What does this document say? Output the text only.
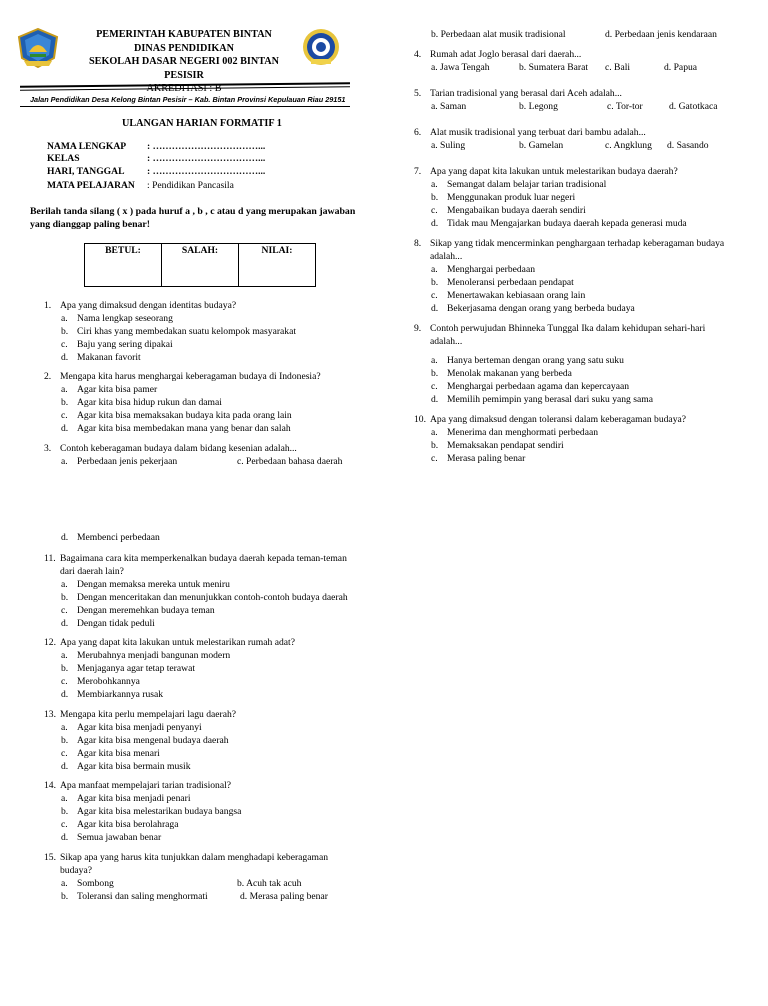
PEMERINTAH KABUPATEN BINTAN
DINAS PENDIDIKAN
SEKOLAH DASAR NEGERI 002 BINTAN PESISIR
Jalan Pendidikan Desa Kelong Bintan Pesisir – Kab. Bintan Provinsi Kepulauan Riau 29151
ULANGAN HARIAN FORMATIF 1
NAMA LENGKAP	: ……………………………...
KELAS	: ……………………………...
HARI, TANGGAL	: ……………………………...
MATA PELAJARAN	: Pendidikan Pancasila
Berilah tanda silang ( x ) pada huruf a , b , c atau d yang merupakan jawaban
yang dianggap paling benar!
BETUL:	SALAH:	NILAI:
1. Apa yang dimaksud dengan identitas budaya?
a. Nama lengkap seseorang
b. Ciri khas yang membedakan suatu kelompok masyarakat
c. Baju yang sering dipakai
d. Makanan favorit
2. Mengapa kita harus menghargai keberagaman budaya di Indonesia?
a. Agar kita bisa pamer
b. Agar kita bisa hidup rukun dan damai
c. Agar kita bisa memaksakan budaya kita pada orang lain
d. Agar kita bisa membedakan mana yang benar dan salah
3. Contoh keberagaman budaya dalam bidang kesenian adalah...
a. Perbedaan jenis pekerjaan	c. Perbedaan bahasa daerah
d. Membenci perbedaan
11. Bagaimana cara kita memperkenalkan budaya daerah kepada teman-teman
dari daerah lain?
a. Dengan memaksa mereka untuk meniru
b. Dengan menceritakan dan menunjukkan contoh-contoh budaya daerah
c. Dengan meremehkan budaya teman
d. Dengan tidak peduli
12. Apa yang dapat kita lakukan untuk melestarikan rumah adat?
a. Merubahnya menjadi bangunan modern
b. Menjaganya agar tetap terawat
c. Merobohkannya
d. Membiarkannya rusak
13. Mengapa kita perlu mempelajari lagu daerah?
a. Agar kita bisa menjadi penyanyi
b. Agar kita bisa mengenal budaya daerah
c. Agar kita bisa menari
d. Agar kita bisa bermain musik
14. Apa manfaat mempelajari tarian tradisional?
a. Agar kita bisa menjadi penari
b. Agar kita bisa melestarikan budaya bangsa
c. Agar kita bisa berolahraga
d. Semua jawaban benar
15. Sikap apa yang harus kita tunjukkan dalam menghadapi keberagaman
budaya?
a. Sombong	b. Acuh tak acuh
b. Toleransi dan saling menghormati	d. Merasa paling benar
b. Perbedaan alat musik tradisional	d. Perbedaan jenis kendaraan
4. Rumah adat Joglo berasal dari daerah...
a. Jawa Tengah	b. Sumatera Barat	c. Bali	d. Papua
5. Tarian tradisional yang berasal dari Aceh adalah...
a. Saman	b. Legong	c. Tor-tor	d. Gatotkaca
6. Alat musik tradisional yang terbuat dari bambu adalah...
a. Suling	b. Gamelan	c. Angklung	d. Sasando
7. Apa yang dapat kita lakukan untuk melestarikan budaya daerah?
a. Semangat dalam belajar tarian tradisional
b. Menggunakan produk luar negeri
c. Mengabaikan budaya daerah sendiri
d. Tidak mau Mengajarkan budaya daerah kepada generasi muda
8. Sikap yang tidak mencerminkan penghargaan terhadap keberagaman budaya
adalah...
a. Menghargai perbedaan
b. Menoleransi perbedaan pendapat
c. Menertawakan kebiasaan orang lain
d. Bekerjasama dengan orang yang berbeda budaya
9. Contoh perwujudan Bhinneka Tunggal Ika dalam kehidupan sehari-hari
adalah...
a. Hanya berteman dengan orang yang satu suku
b. Menolak makanan yang berbeda
c. Menghargai perbedaan agama dan kepercayaan
d. Memilih pemimpin yang berasal dari suku yang sama
10. Apa yang dimaksud dengan toleransi dalam keberagaman budaya?
a. Menerima dan menghormati perbedaan
b. Memaksakan pendapat sendiri
c. Merasa paling benar
